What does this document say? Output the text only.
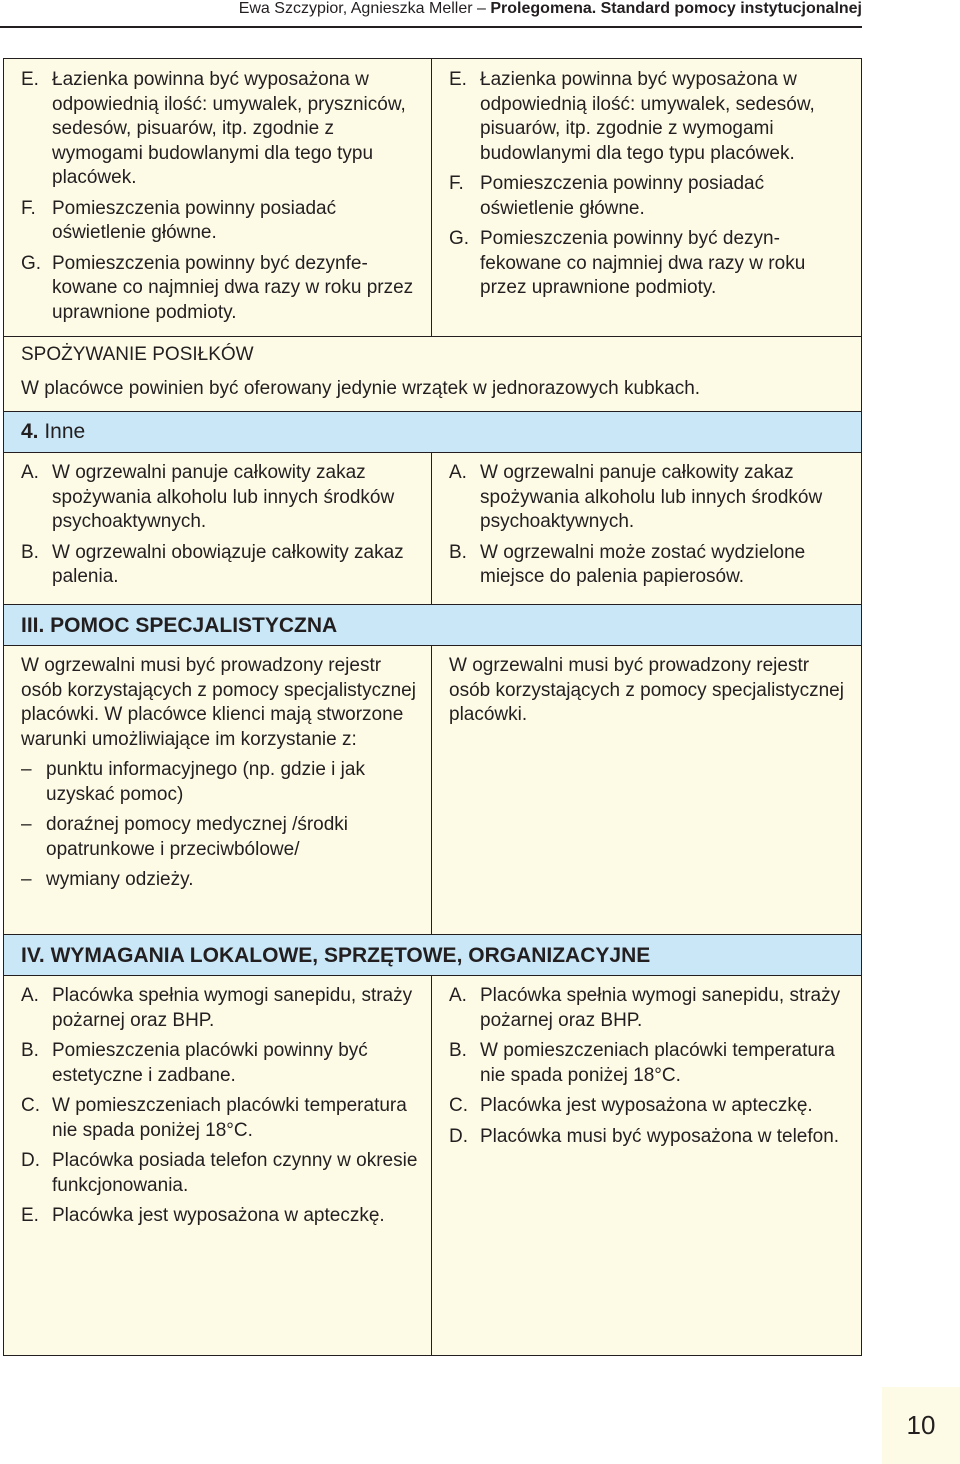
Ewa Szczypior, Agnieszka Meller – Prolegomena. Standard pomocy instytucjonalnej
E. Łazienka powinna być wyposażona w odpowiednią ilość: umywalek, pryszniców, sedesów, pisuarów, itp. zgodnie z wymogami budowlanymi dla tego typu placówek.
F. Pomieszczenia powinny posiadać oświetlenie główne.
G. Pomieszczenia powinny być dezynfekowane co najmniej dwa razy w roku przez uprawnione podmioty.
E. Łazienka powinna być wyposażona w odpowiednią ilość: umywalek, sedesów, pisuarów, itp. zgodnie z wymogami budowlanymi dla tego typu placówek.
F. Pomieszczenia powinny posiadać oświetlenie główne.
G. Pomieszczenia powinny być dezynfekowane co najmniej dwa razy w roku przez uprawnione podmioty.

SPOŻYWANIE POSIŁKÓW

W placówce powinien być oferowany jedynie wrzątek w jednorazowych kubkach.

4. Inne
A. W ogrzewalni panuje całkowity zakaz spożywania alkoholu lub innych środków psychoaktywnych.
B. W ogrzewalni obowiązuje całkowity zakaz palenia.
A. W ogrzewalni panuje całkowity zakaz spożywania alkoholu lub innych środków psychoaktywnych.
B. W ogrzewalni może zostać wydzielone miejsce do palenia papierosów.
III. POMOC SPECJALISTYCZNA

W ogrzewalni musi być prowadzony rejestr osób korzystających z pomocy specjalistycznej placówki. W placówce klienci mają stworzone warunki umożliwiające im korzystanie z:

– punktu informacyjnego (np. gdzie i jak uzyskać pomoc)
– doraźnej pomocy medycznej /środki opatrunkowe i przeciwbólowe/
– wymiany odzieży.

W ogrzewalni musi być prowadzony rejestr osób korzystających z pomocy specjalistycznej placówki.

IV. WYMAGANIA LOKALOWE, SPRZĘTOWE, ORGANIZACYJNE
A. Placówka spełnia wymogi sanepidu, straży pożarnej oraz BHP.
B. Pomieszczenia placówki powinny być estetyczne i zadbane.
C. W pomieszczeniach placówki temperatura nie spada poniżej 18°C.
D. Placówka posiada telefon czynny w okresie funkcjonowania.
E. Placówka jest wyposażona w apteczkę.
A. Placówka spełnia wymogi sanepidu, straży pożarnej oraz BHP.
B. W pomieszczeniach placówki temperatura nie spada poniżej 18°C.
C. Placówka jest wyposażona w apteczkę.
D. Placówka musi być wyposażona w telefon.
10
